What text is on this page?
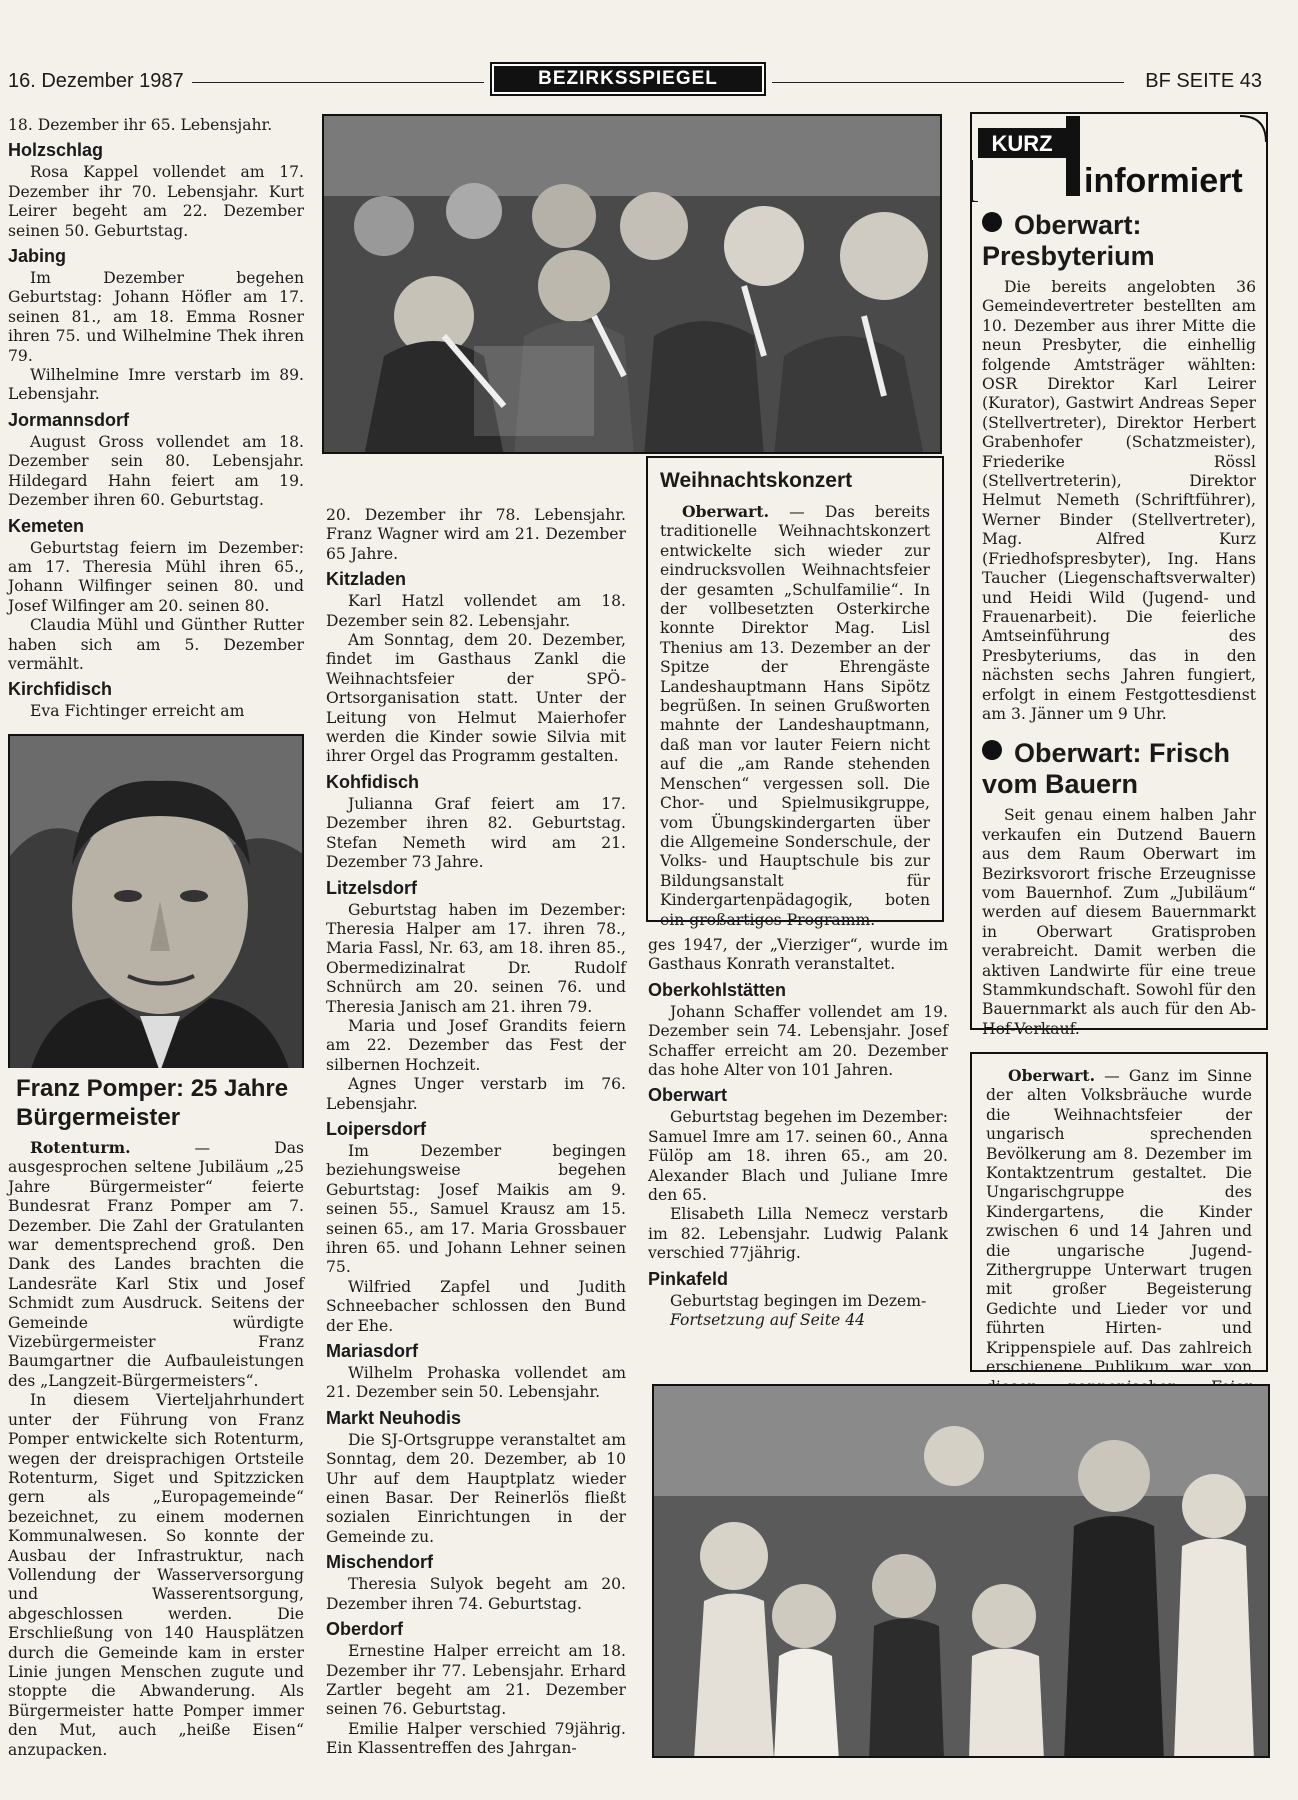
16. Dezember 1987	BEZIRKSSPIEGEL	BF SEITE 43

18. Dezember ihr 65. Lebensjahr.

Holzschlag

Rosa Kappel vollendet am 17. Dezember ihr 70. Lebensjahr. Kurt Leirer begeht am 22. Dezember seinen 50. Geburtstag.

Jabing

Im Dezember begehen Geburtstag: Johann Höfler am 17. seinen 81., am 18. Emma Rosner ihren 75. und Wilhelmine Thek ihren 79.

Wilhelmine Imre verstarb im 89. Lebensjahr.

Jormannsdorf

August Gross vollendet am 18. Dezember sein 80. Lebensjahr. Hildegard Hahn feiert am 19. Dezember ihren 60. Geburtstag.

Kemeten

Geburtstag feiern im Dezember: am 17. Theresia Mühl ihren 65., Johann Wilfinger seinen 80. und Josef Wilfinger am 20. seinen 80.

Claudia Mühl und Günther Rutter haben sich am 5. Dezember vermählt.

Kirchfidisch

Eva Fichtinger erreicht am

Franz Pomper: 25 Jahre Bürgermeister

Rotenturm. — Das ausgesprochen seltene Jubiläum „25 Jahre Bürgermeister“ feierte Bundesrat Franz Pomper am 7. Dezember. Die Zahl der Gratulanten war dementsprechend groß. Den Dank des Landes brachten die Landesräte Karl Stix und Josef Schmidt zum Ausdruck. Seitens der Gemeinde würdigte Vizebürgermeister Franz Baumgartner die Aufbauleistungen des „Langzeit-Bürgermeisters“.

In diesem Vierteljahrhundert unter der Führung von Franz Pomper entwickelte sich Rotenturm, wegen der dreisprachigen Ortsteile Rotenturm, Siget und Spitzzicken gern als „Europagemeinde“ bezeichnet, zu einem modernen Kommunalwesen. So konnte der Ausbau der Infrastruktur, nach Vollendung der Wasserversorgung und Wasserentsorgung, abgeschlossen werden. Die Erschließung von 140 Hausplätzen durch die Gemeinde kam in erster Linie jungen Menschen zugute und stoppte die Abwanderung. Als Bürgermeister hatte Pomper immer den Mut, auch „heiße Eisen“ anzupacken.

20. Dezember ihr 78. Lebensjahr. Franz Wagner wird am 21. Dezember 65 Jahre.

Kitzladen

Karl Hatzl vollendet am 18. Dezember sein 82. Lebensjahr.

Am Sonntag, dem 20. Dezember, findet im Gasthaus Zankl die Weihnachtsfeier der SPÖ-Ortsorganisation statt. Unter der Leitung von Helmut Maierhofer werden die Kinder sowie Silvia mit ihrer Orgel das Programm gestalten.

Kohfidisch

Julianna Graf feiert am 17. Dezember ihren 82. Geburtstag. Stefan Nemeth wird am 21. Dezember 73 Jahre.

Litzelsdorf

Geburtstag haben im Dezember: Theresia Halper am 17. ihren 78., Maria Fassl, Nr. 63, am 18. ihren 85., Obermedizinalrat Dr. Rudolf Schnürch am 20. seinen 76. und Theresia Janisch am 21. ihren 79.

Maria und Josef Grandits feiern am 22. Dezember das Fest der silbernen Hochzeit.

Agnes Unger verstarb im 76. Lebensjahr.

Loipersdorf

Im Dezember begingen beziehungsweise begehen Geburtstag: Josef Maikis am 9. seinen 55., Samuel Krausz am 15. seinen 65., am 17. Maria Grossbauer ihren 65. und Johann Lehner seinen 75.

Wilfried Zapfel und Judith Schneebacher schlossen den Bund der Ehe.

Mariasdorf

Wilhelm Prohaska vollendet am 21. Dezember sein 50. Lebensjahr.

Markt Neuhodis

Die SJ-Ortsgruppe veranstaltet am Sonntag, dem 20. Dezember, ab 10 Uhr auf dem Hauptplatz wieder einen Basar. Der Reinerlös fließt sozialen Einrichtungen in der Gemeinde zu.

Mischendorf

Theresia Sulyok begeht am 20. Dezember ihren 74. Geburtstag.

Oberdorf

Ernestine Halper erreicht am 18. Dezember ihr 77. Lebensjahr. Erhard Zartler begeht am 21. Dezember seinen 76. Geburtstag.

Emilie Halper verschied 79jährig. Ein Klassentreffen des Jahrgan-

Weihnachtskonzert
Oberwart. — Das bereits traditionelle Weihnachtskonzert entwickelte sich wieder zur eindrucksvollen Weihnachtsfeier der gesamten „Schulfamilie“. In der vollbesetzten Osterkirche konnte Direktor Mag. Lisl Thenius am 13. Dezember an der Spitze der Ehrengäste Landeshauptmann Hans Sipötz begrüßen. In seinen Grußworten mahnte der Landeshauptmann, daß man vor lauter Feiern nicht auf die „am Rande stehenden Menschen“ vergessen soll. Die Chor- und Spielmusikgruppe, vom Übungskindergarten über die Allgemeine Sonderschule, der Volks- und Hauptschule bis zur Bildungsanstalt für Kindergartenpädagogik, boten ein großartiges Programm.

ges 1947, der „Vierziger“, wurde im Gasthaus Konrath veranstaltet.

Oberkohlstätten

Johann Schaffer vollendet am 19. Dezember sein 74. Lebensjahr. Josef Schaffer erreicht am 20. Dezember das hohe Alter von 101 Jahren.

Oberwart

Geburtstag begehen im Dezember: Samuel Imre am 17. seinen 60., Anna Fülöp am 18. ihren 65., am 20. Alexander Blach und Juliane Imre den 65.

Elisabeth Lilla Nemecz verstarb im 82. Lebensjahr. Ludwig Palank verschied 77jährig.

Pinkafeld

Geburtstag begingen im Dezem-

Fortsetzung auf Seite 44

KURZ
informiert
Oberwart: Presbyterium

Die bereits angelobten 36 Gemeindevertreter bestellten am 10. Dezember aus ihrer Mitte die neun Presbyter, die einhellig folgende Amtsträger wählten: OSR Direktor Karl Leirer (Kurator), Gastwirt Andreas Seper (Stellvertreter), Direktor Herbert Grabenhofer (Schatzmeister), Friederike Rössl (Stellvertreterin), Direktor Helmut Nemeth (Schriftführer), Werner Binder (Stellvertreter), Mag. Alfred Kurz (Friedhofspresbyter), Ing. Hans Taucher (Liegenschaftsverwalter) und Heidi Wild (Jugend- und Frauenarbeit). Die feierliche Amtseinführung des Presbyteriums, das in den nächsten sechs Jahren fungiert, erfolgt in einem Festgottesdienst am 3. Jänner um 9 Uhr.

Oberwart: Frisch vom Bauern

Seit genau einem halben Jahr verkaufen ein Dutzend Bauern aus dem Raum Oberwart im Bezirksvorort frische Erzeugnisse vom Bauernhof. Zum „Jubiläum“ werden auf diesem Bauernmarkt in Oberwart Gratisproben verabreicht. Damit werben die aktiven Landwirte für eine treue Stammkundschaft. Sowohl für den Bauernmarkt als auch für den Ab-Hof-Verkauf.

Oberwart. — Ganz im Sinne der alten Volksbräuche wurde die Weihnachtsfeier der ungarisch sprechenden Bevölkerung am 8. Dezember im Kontaktzentrum gestaltet. Die Ungarischgruppe des Kindergartens, die Kinder zwischen 6 und 14 Jahren und die ungarische Jugend-Zithergruppe Unterwart trugen mit großer Begeisterung Gedichte und Lieder vor und führten Hirten- und Krippenspiele auf. Das zahlreich erschienene Publikum war von
